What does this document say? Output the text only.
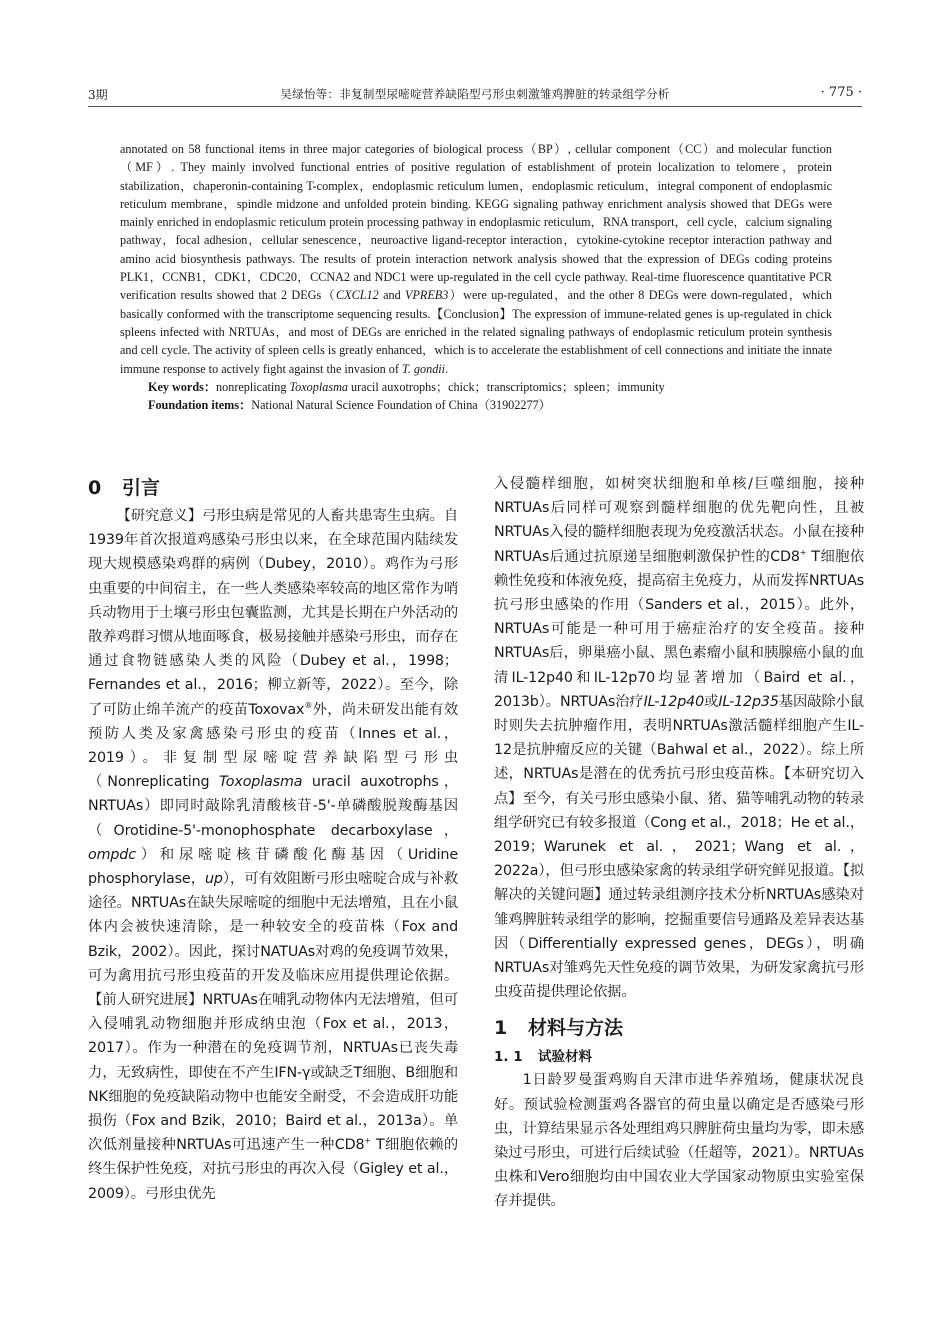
3期	吴绿怡等：非复制型尿嘧啶营养缺陷型弓形虫刺激雏鸡脾脏的转录组学分析	· 775 ·

annotated on 58 functional items in three major categories of biological process（BP）, cellular component（CC）and molecular function（MF）. They mainly involved functional entries of positive regulation of establishment of protein localization to telomere，protein stabilization，chaperonin-containing T-complex，endoplasmic reticulum lumen，endoplasmic reticulum，integral component of endoplasmic reticulum membrane，spindle midzone and unfolded protein binding. KEGG signaling pathway enrichment analysis showed that DEGs were mainly enriched in endoplasmic reticulum protein processing pathway in endoplasmic reticulum，RNA transport，cell cycle，calcium signaling pathway，focal adhesion，cellular senescence，neuroactive ligand-receptor interaction，cytokine-cytokine receptor interaction pathway and amino acid biosynthesis pathways. The results of protein interaction network analysis showed that the expression of DEGs coding proteins PLK1，CCNB1，CDK1，CDC20，CCNA2 and NDC1 were up-regulated in the cell cycle pathway. Real-time fluorescence quantitative PCR verification results showed that 2 DEGs（CXCL12 and VPREB3）were up-regulated，and the other 8 DEGs were down-regulated，which basically conformed with the transcriptome sequencing results.【Conclusion】The expression of immune-related genes is up-regulated in chick spleens infected with NRTUAs，and most of DEGs are enriched in the related signaling pathways of endoplasmic reticulum protein synthesis and cell cycle. The activity of spleen cells is greatly enhanced，which is to accelerate the establishment of cell connections and initiate the innate immune response to actively fight against the invasion of T. gondii.

Key words：nonreplicating Toxoplasma uracil auxotrophs；chick；transcriptomics；spleen；immunity

Foundation items：National Natural Science Foundation of China（31902277）

0 引言

【研究意义】弓形虫病是常见的人畜共患寄生虫病。自1939年首次报道鸡感染弓形虫以来，在全球范围内陆续发现大规模感染鸡群的病例（Dubey，2010）。鸡作为弓形虫重要的中间宿主，在一些人类感染率较高的地区常作为哨兵动物用于土壤弓形虫包囊监测，尤其是长期在户外活动的散养鸡群习惯从地面啄食，极易接触并感染弓形虫，而存在通过食物链感染人类的风险（Dubey et al.，1998；Fernandes et al.，2016；柳立新等，2022）。至今，除了可防止绵羊流产的疫苗Toxovax®外，尚未研发出能有效预防人类及家禽感染弓形虫的疫苗（Innes et al.，2019）。非复制型尿嘧啶营养缺陷型弓形虫（Nonreplicating Toxoplasma uracil auxotrophs，NRTUAs）即同时敲除乳清酸核苷-5'-单磷酸脱羧酶基因（Orotidine-5'-monophosphate decarboxylase，ompdc）和尿嘧啶核苷磷酸化酶基因（Uridine phosphorylase，up），可有效阻断弓形虫嘧啶合成与补救途径。NRTUAs在缺失尿嘧啶的细胞中无法增殖，且在小鼠体内会被快速清除，是一种较安全的疫苗株（Fox and Bzik，2002）。因此，探讨NATUAs对鸡的免疫调节效果，可为禽用抗弓形虫疫苗的开发及临床应用提供理论依据。【前人研究进展】NRTUAs在哺乳动物体内无法增殖，但可入侵哺乳动物细胞并形成纳虫泡（Fox et al.，2013，2017）。作为一种潜在的免疫调节剂，NRTUAs已丧失毒力，无致病性，即使在不产生IFN-γ或缺乏T细胞、B细胞和NK细胞的免疫缺陷动物中也能安全耐受，不会造成肝功能损伤（Fox and Bzik，2010；Baird et al.，2013a）。单次低剂量接种NRTUAs可迅速产生一种CD8+ T细胞依赖的终生保护性免疫，对抗弓形虫的再次入侵（Gigley et al.，2009）。弓形虫优先

入侵髓样细胞，如树突状细胞和单核/巨噬细胞，接种NRTUAs后同样可观察到髓样细胞的优先靶向性，且被NRTUAs入侵的髓样细胞表现为免疫激活状态。小鼠在接种NRTUAs后通过抗原递呈细胞刺激保护性的CD8+ T细胞依赖性免疫和体液免疫，提高宿主免疫力，从而发挥NRTUAs抗弓形虫感染的作用（Sanders et al.，2015）。此外，NRTUAs可能是一种可用于癌症治疗的安全疫苗。接种NRTUAs后，卵巢癌小鼠、黑色素瘤小鼠和胰腺癌小鼠的血清IL-12p40和IL-12p70均显著增加（Baird et al.，2013b）。NRTUAs治疗IL-12p40或IL-12p35基因敲除小鼠时则失去抗肿瘤作用，表明NRTUAs激活髓样细胞产生IL-12是抗肿瘤反应的关键（Bahwal et al.，2022）。综上所述，NRTUAs是潜在的优秀抗弓形虫疫苗株。【本研究切入点】至今，有关弓形虫感染小鼠、猪、猫等哺乳动物的转录组学研究已有较多报道（Cong et al.，2018；He et al.，2019；Warunek et al.，2021；Wang et al.，2022a），但弓形虫感染家禽的转录组学研究鲜见报道。【拟解决的关键问题】通过转录组测序技术分析NRTUAs感染对雏鸡脾脏转录组学的影响，挖掘重要信号通路及差异表达基因（Differentially expressed genes，DEGs），明确NRTUAs对雏鸡先天性免疫的调节效果，为研发家禽抗弓形虫疫苗提供理论依据。

1 材料与方法
1. 1 试验材料

1日龄罗曼蛋鸡购自天津市进华养殖场，健康状况良好。预试验检测蛋鸡各器官的荷虫量以确定是否感染弓形虫，计算结果显示各处理组鸡只脾脏荷虫量均为零，即未感染过弓形虫，可进行后续试验（任超等，2021）。NRTUAs虫株和Vero细胞均由中国农业大学国家动物原虫实验室保存并提供。
